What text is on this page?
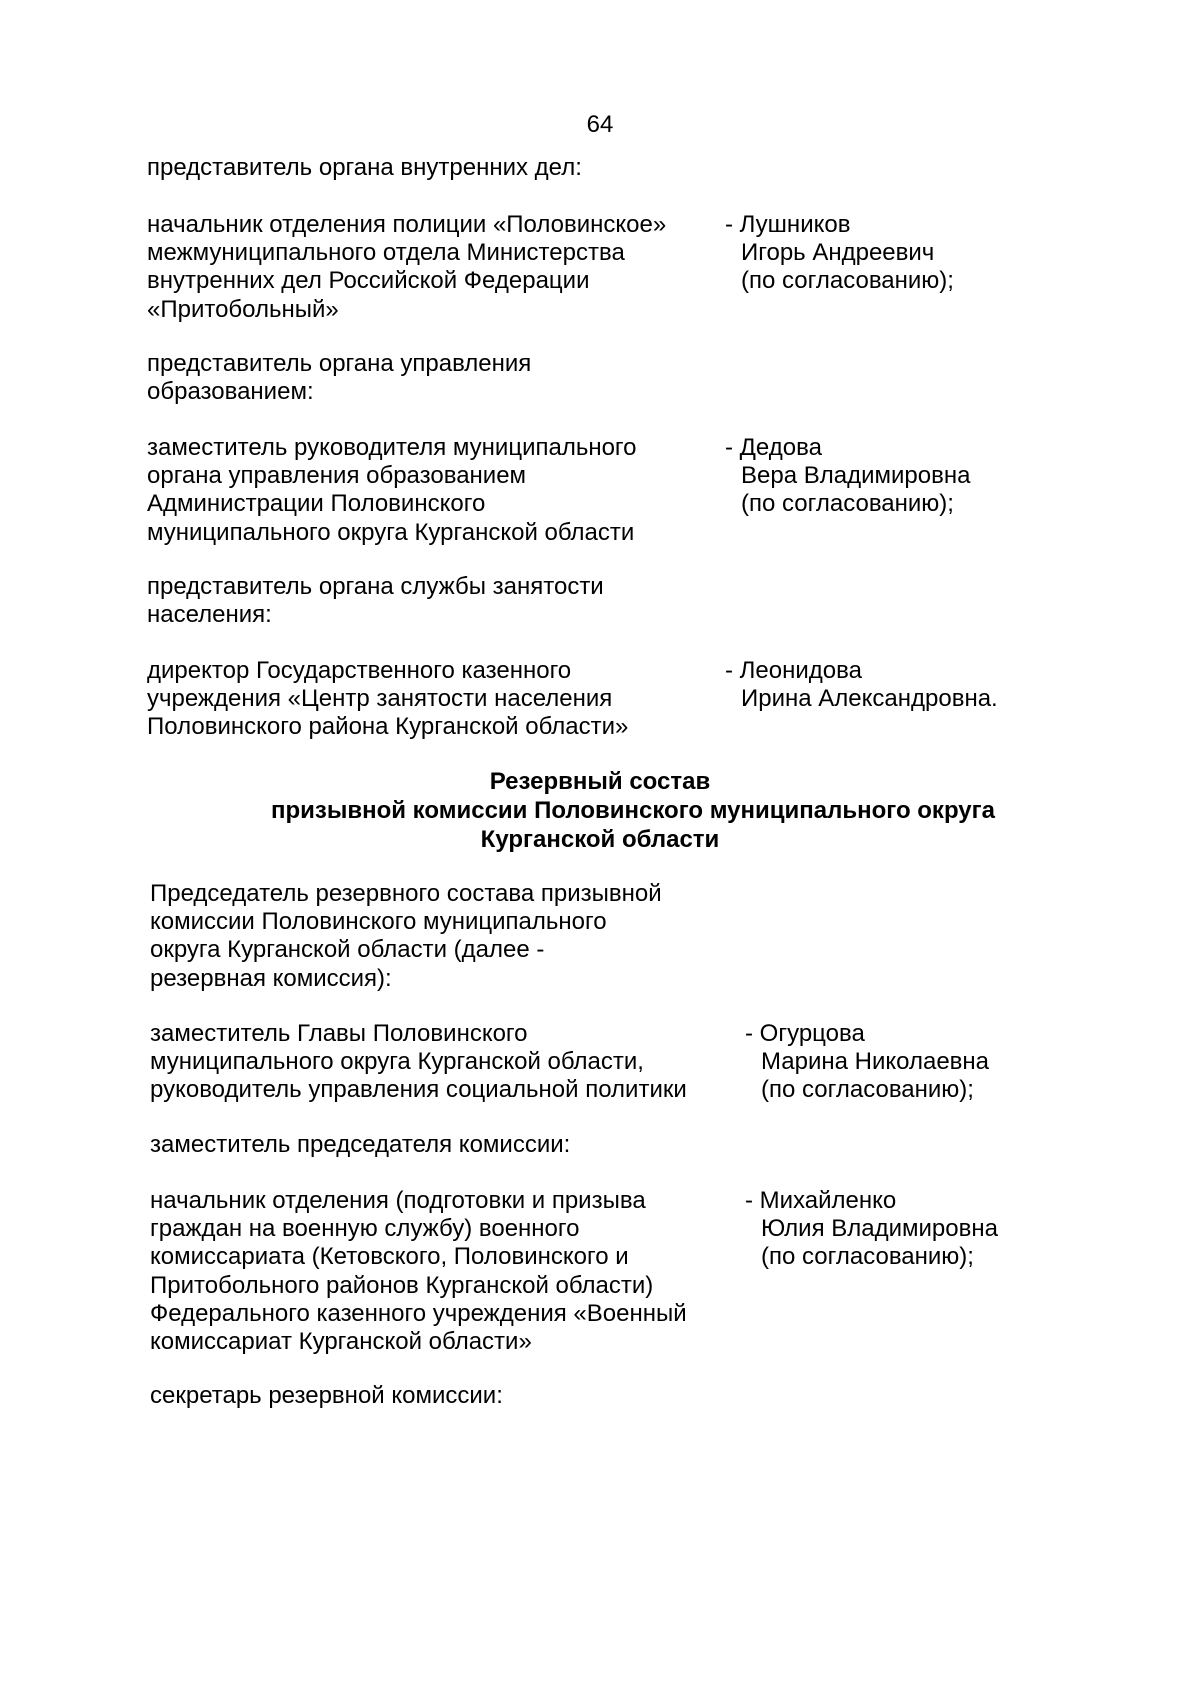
64
представитель органа внутренних дел:
начальник отделения полиции «Половинское»
межмуниципального отдела Министерства
внутренних дел Российской Федерации
«Притобольный»
- Лушников
Игорь Андреевич
(по согласованию);
представитель органа управления
образованием:
заместитель руководителя муниципального
органа управления образованием
Администрации Половинского
муниципального округа Курганской области
- Дедова
Вера Владимировна
(по согласованию);
представитель органа службы занятости
населения:
директор Государственного казенного
учреждения «Центр занятости населения
Половинского района Курганской области»
- Леонидова
Ирина Александровна.
Резервный состав
призывной комиссии Половинского муниципального округа
Курганской области
Председатель резервного состава призывной
комиссии Половинского муниципального
округа Курганской области (далее -
резервная комиссия):
заместитель Главы Половинского
муниципального округа Курганской области,
руководитель управления социальной политики
- Огурцова
Марина Николаевна
(по согласованию);
заместитель председателя комиссии:
начальник отделения (подготовки и призыва
граждан на военную службу) военного
комиссариата (Кетовского, Половинского и
Притобольного районов Курганской области)
Федерального казенного учреждения «Военный
комиссариат Курганской области»
- Михайленко
Юлия Владимировна
(по согласованию);
секретарь резервной комиссии:
